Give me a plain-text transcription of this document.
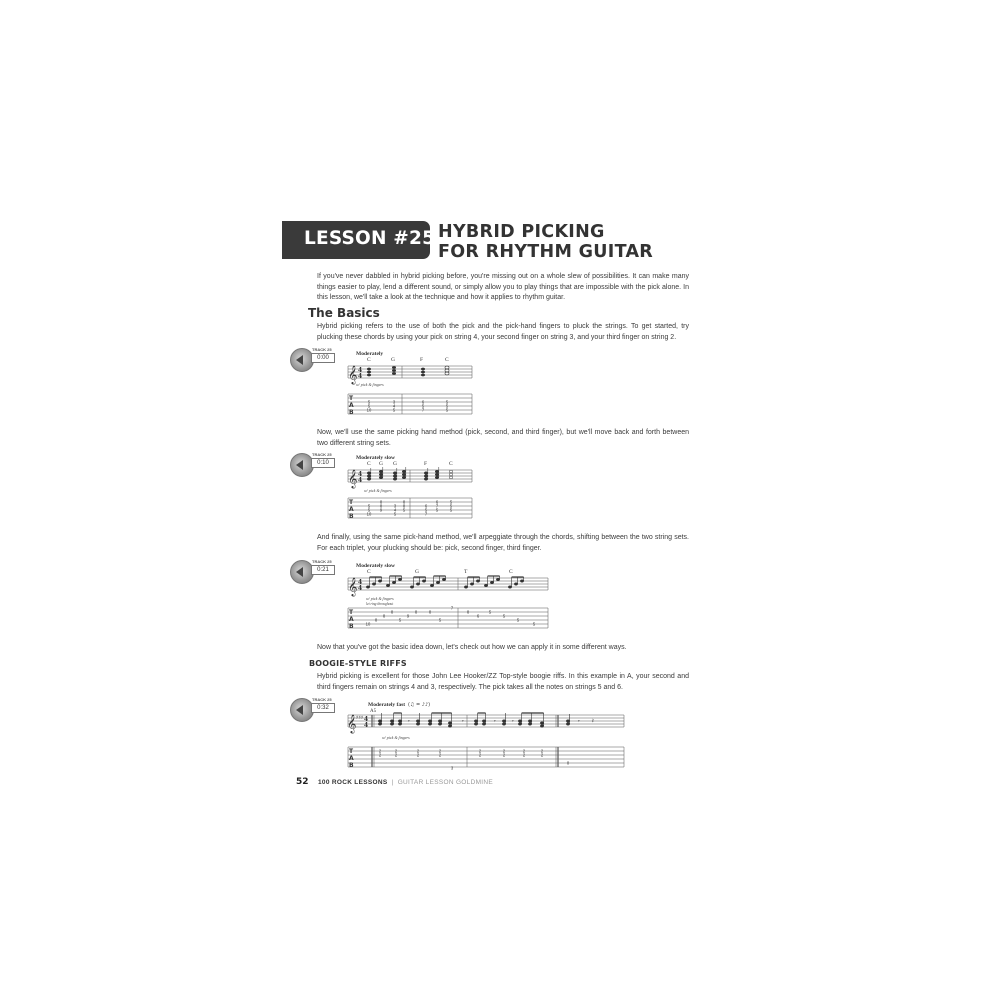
LESSON #25:
HYBRID PICKING
FOR RHYTHM GUITAR
If you've never dabbled in hybrid picking before, you're missing out on a whole slew of possibilities. It can make many things easier to play, lend a different sound, or simply allow you to play things that are impossible with the pick alone. In this lesson, we'll take a look at the technique and how it applies to rhythm guitar.
The Basics
Hybrid picking refers to the use of both the pick and the pick-hand fingers to pluck the strings. To get started, try plucking these chords by using your pick on string 4, your second finger on string 3, and your third finger on string 2.
TRACK 25
0:00
Moderately
C	G	F	C
𝄞 4
4
w/ pick & fingers
T
A
B
5
5
10
3
4
5
6
5
7
5
5
5
Now, we'll use the same picking hand method (pick, second, and third finger), but we'll move back and forth between two different string sets.
TRACK 25
0:10
Moderately slow
C G G	F	C
𝄞 4
4
w/ pick & fingers
T
A
B
5
5
10
8
8
9
3
4
5
8
8
5
6
5
7
6
7
5
5
5
5
And finally, using the same pick-hand method, we'll arpeggiate through the chords, shifting between the two string sets. For each triplet, your plucking should be: pick, second finger, third finger.
TRACK 25
0:21
Moderately slow
C	G	T	C
𝄞 4
4
w/ pick & fingers
let ring throughout
T
A
B	10
8
8
8
5
9
8	8
5
7
8
6
5
5
5
5
Now that you've got the basic idea down, let's check out how we can apply it in some different ways.
BOOGIE-STYLE RIFFS
Hybrid picking is excellent for those John Lee Hooker/ZZ Top-style boogie riffs. In this example in A, your second and third fingers remain on strings 4 and 3, respectively. The pick takes all the notes on strings 5 and 6.
TRACK 25
0:32	Moderately fast (♫ = ♪♪)
A5
𝄞 ♯♯♯ 4
4
𝄾	𝄾	𝄾	𝄾	𝄾 𝄽
w/ pick & fingers
T
A
B
2
2
2
2
2
2
2
2
3
2
2
2
2
2
2
2
2
0
52 100 ROCK LESSONS | GUITAR LESSON GOLDMINE
